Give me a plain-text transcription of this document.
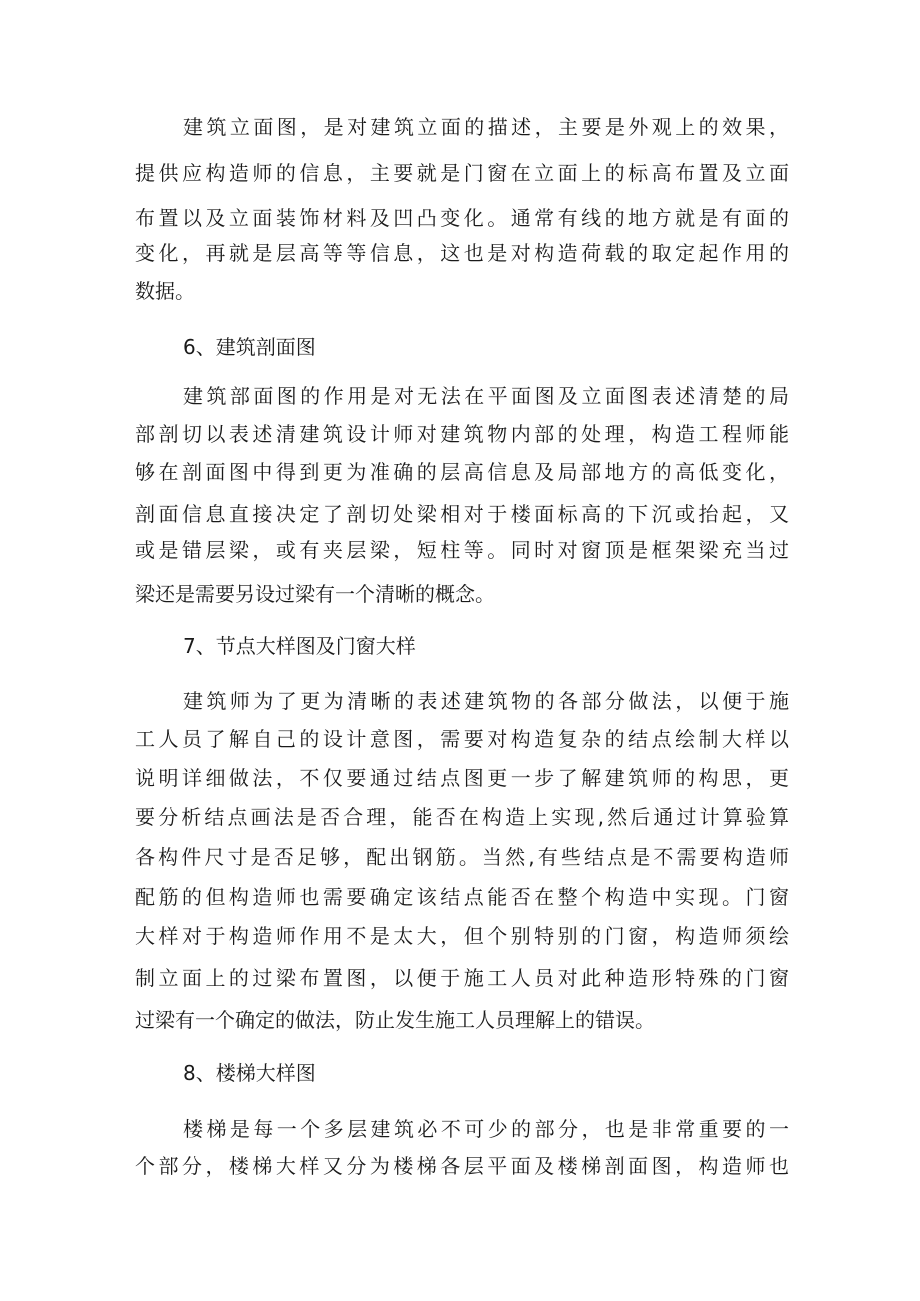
建筑立面图，是对建筑立面的描述，主要是外观上的效果，
提供应构造师的信息，主要就是门窗在立面上的标高布置及立面
布置以及立面装饰材料及凹凸变化。通常有线的地方就是有面的
变化，再就是层高等等信息，这也是对构造荷载的取定起作用的
数据。
6、建筑剖面图
建筑部面图的作用是对无法在平面图及立面图表述清楚的局
部剖切以表述清建筑设计师对建筑物内部的处理，构造工程师能
够在剖面图中得到更为准确的层高信息及局部地方的高低变化，
剖面信息直接决定了剖切处梁相对于楼面标高的下沉或抬起，又
或是错层梁，或有夹层梁，短柱等。同时对窗顶是框架梁充当过
梁还是需要另设过梁有一个清晰的概念。
7、节点大样图及门窗大样
建筑师为了更为清晰的表述建筑物的各部分做法，以便于施
工人员了解自己的设计意图，需要对构造复杂的结点绘制大样以
说明详细做法，不仅要通过结点图更一步了解建筑师的构思，更
要分析结点画法是否合理，能否在构造上实现,然后通过计算验算
各构件尺寸是否足够，配出钢筋。当然,有些结点是不需要构造师
配筋的但构造师也需要确定该结点能否在整个构造中实现。门窗
大样对于构造师作用不是太大，但个别特别的门窗，构造师须绘
制立面上的过梁布置图，以便于施工人员对此种造形特殊的门窗
过梁有一个确定的做法，防止发生施工人员理解上的错误。
8、楼梯大样图
楼梯是每一个多层建筑必不可少的部分，也是非常重要的一
个部分，楼梯大样又分为楼梯各层平面及楼梯剖面图，构造师也
